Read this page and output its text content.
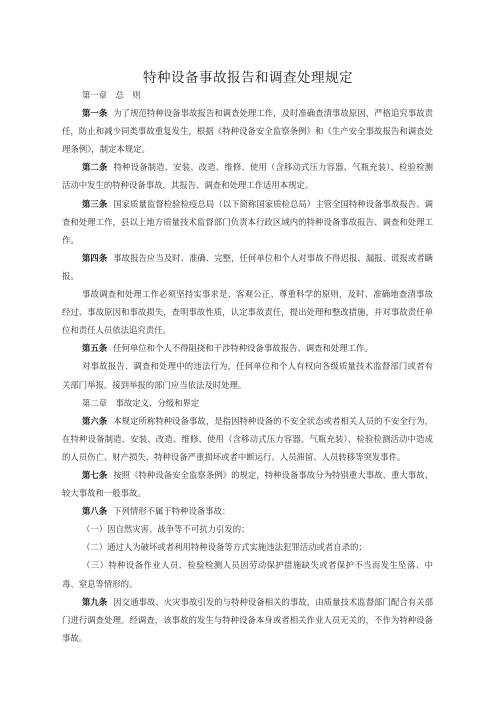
特种设备事故报告和调查处理规定

第一章　总　则

第一条 为了规范特种设备事故报告和调查处理工作，及时准确查清事故原因，严格追究事故责任，防止和减少同类事故重复发生，根据《特种设备安全监察条例》和《生产安全事故报告和调查处理条例》，制定本规定。

第二条 特种设备制造、安装、改造、维修、使用（含移动式压力容器、气瓶充装）、检验检测活动中发生的特种设备事故，其报告、调查和处理工作适用本规定。

第三条 国家质量监督检验检疫总局（以下简称国家质检总局）主管全国特种设备事故报告、调查和处理工作，县以上地方质量技术监督部门负责本行政区域内的特种设备事故报告、调查和处理工作。

第四条 事故报告应当及时、准确、完整，任何单位和个人对事故不得迟报、漏报、谎报或者瞒报。

事故调查和处理工作必须坚持实事求是、客观公正、尊重科学的原则，及时、准确地查清事故经过、事故原因和事故损失，查明事故性质，认定事故责任，提出处理和整改措施，并对事故责任单位和责任人员依法追究责任。

第五条 任何单位和个人不得阻挠和干涉特种设备事故报告、调查和处理工作。

对事故报告、调查和处理中的违法行为，任何单位和个人有权向各级质量技术监督部门或者有关部门举报。接到举报的部门应当依法及时处理。

第二章　事故定义、分级和界定

第六条 本规定所称特种设备事故，是指因特种设备的不安全状态或者相关人员的不安全行为，在特种设备制造、安装、改造、维修、使用（含移动式压力容器、气瓶充装）、检验检测活动中造成的人员伤亡、财产损失、特种设备严重损坏或者中断运行、人员滞留、人员转移等突发事件。

第七条 按照《特种设备安全监察条例》的规定，特种设备事故分为特别重大事故、重大事故、较大事故和一般事故。

第八条 下列情形不属于特种设备事故：

（一）因自然灾害、战争等不可抗力引发的；

（二）通过人为破坏或者利用特种设备等方式实施违法犯罪活动或者自杀的；

（三）特种设备作业人员、检验检测人员因劳动保护措施缺失或者保护不当而发生坠落、中毒、窒息等情形的。

第九条 因交通事故、火灾事故引发的与特种设备相关的事故，由质量技术监督部门配合有关部门进行调查处理。经调查，该事故的发生与特种设备本身或者相关作业人员无关的，不作为特种设备事故。
